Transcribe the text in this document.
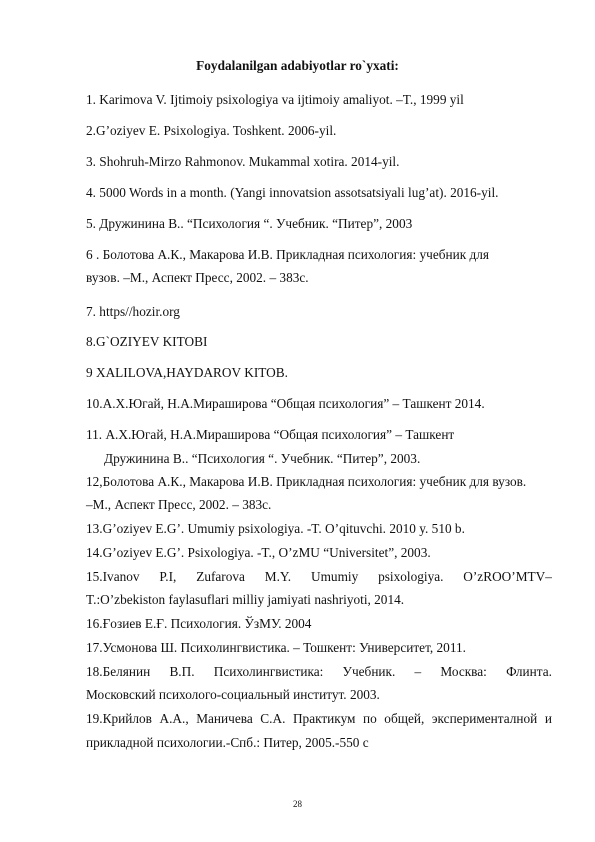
Foydalanilgan adabiyotlar ro`yxati:
1. Karimova V. Ijtimoiy psixologiya va ijtimoiy amaliyot. –T., 1999 yil
2.G’oziyev E. Psixologiya. Toshkent. 2006-yil.
3. Shohruh-Mirzo Rahmonov. Mukammal xotira. 2014-yil.
4. 5000 Words in a month. (Yangi innovatsion assotsatsiyali lug’at). 2016-yil.
5. Дружинина В.. “Психология “. Учебник. “Питер”, 2003
6 . Болотова А.К., Макарова И.В. Прикладная психология: учебник для
вузов. –М., Аспект Пресс, 2002. – 383с.
7. https//hozir.org
8.G`OZIYEV KITOBI
9 XALILOVA,HAYDAROV KITOB.
10.А.Х.Югай, Н.А.Мирашировa “Общая психология” – Ташкент 2014.
11. А.Х.Югай, Н.А.Мирашировa “Общая психология” – Ташкент
Дружинина В.. “Психология “. Учебник. “Питер”, 2003.
12,Болотова А.К., Макарова И.В. Прикладная психология: учебник для вузов.
–М., Аспект Пресс, 2002. – 383с.
13.G’oziyev E.G’. Umumiy psixologiya. -T. O’qituvchi. 2010 y. 510 b.
14.G’oziyev E.G’. Psixologiya. -T., O’zMU “Universitet”, 2003.
15.Ivanov P.I, Zufarova M.Y. Umumiy psixologiya. O’zROO’MTV–
T.:O’zbekiston faylasuflari milliy jamiyati nashriyoti, 2014.
16.Ғозиев Е.Ғ. Психология. ЎзМУ. 2004
17.Усмонова Ш. Психолингвистика. – Тошкент: Университет, 2011.
18.Белянин В.П. Психолингвистика: Учебник. – Москва: Флинта.
Московский психолого-социальный институт. 2003.
19.Крийлов А.А., Маничева С.А. Практикум по общей, эксперименталной и
прикладной психологии.-Спб.: Питер, 2005.-550 с
28
